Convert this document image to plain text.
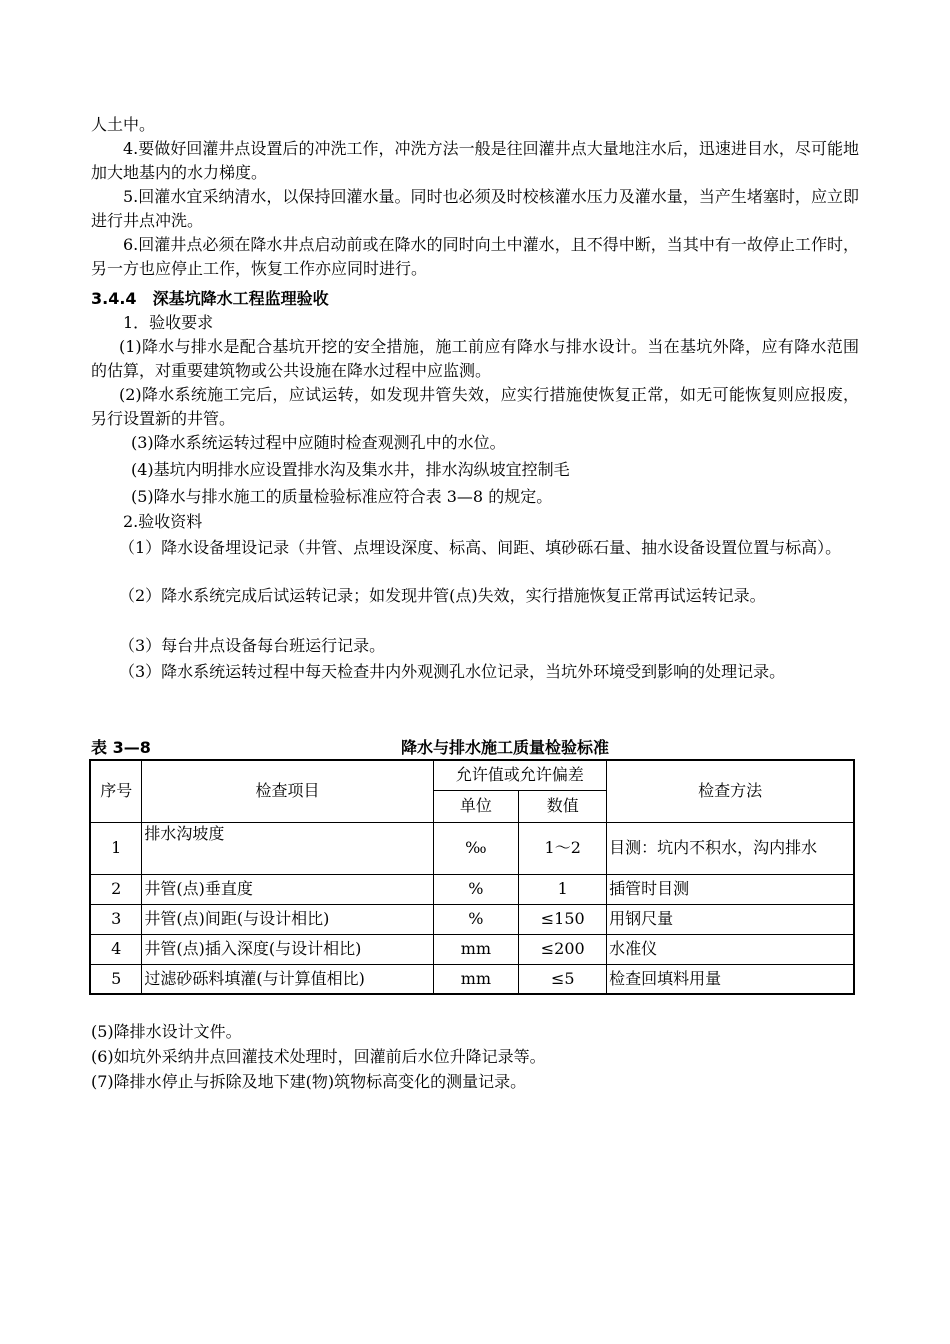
人土中。

4.要做好回灌井点设置后的冲洗工作，冲洗方法一般是往回灌井点大量地注水后，迅速进目水，尽可能地加大地基内的水力梯度。

5.回灌水宜采纳清水，以保持回灌水量。同时也必须及时校核灌水压力及灌水量，当产生堵塞时，应立即进行井点冲洗。

6.回灌井点必须在降水井点启动前或在降水的同时向土中灌水，且不得中断，当其中有一故停止工作时，另一方也应停止工作，恢复工作亦应同时进行。

3.4.4 深基坑降水工程监理验收

1．验收要求

(1)降水与排水是配合基坑开挖的安全措施，施工前应有降水与排水设计。当在基坑外降，应有降水范围的估算，对重要建筑物或公共设施在降水过程中应监测。

(2)降水系统施工完后，应试运转，如发现井管失效，应实行措施使恢复正常，如无可能恢复则应报废，另行设置新的井管。

(3)降水系统运转过程中应随时检查观测孔中的水位。

(4)基坑内明排水应设置排水沟及集水井，排水沟纵坡宜控制毛

(5)降水与排水施工的质量检验标准应符合表 3—8 的规定。

2.验收资料

（1）降水设备埋设记录（井管、点埋设深度、标高、间距、填砂砾石量、抽水设备设置位置与标高）。

（2）降水系统完成后试运转记录；如发现井管(点)失效，实行措施恢复正常再试运转记录。

（3）每台井点设备每台班运行记录。

（3）降水系统运转过程中每天检查井内外观测孔水位记录，当坑外环境受到影响的处理记录。

表 3—8	降水与排水施工质量检验标准
序号	检查项目	允许值或允许偏差		检查方法
		单位	数值	
1	排水沟坡度	‰	1～2	目测：坑内不积水，沟内排水
2	井管(点)垂直度	%	1	插管时目测
3	井管(点)间距(与设计相比)	%	≤150	用钢尺量
4	井管(点)插入深度(与设计相比)	mm	≤200	水准仪
5	过滤砂砾料填灌(与计算值相比)	mm	≤5	检查回填料用量

(5)降排水设计文件。

(6)如坑外采纳井点回灌技术处理时，回灌前后水位升降记录等。

(7)降排水停止与拆除及地下建(物)筑物标高变化的测量记录。
